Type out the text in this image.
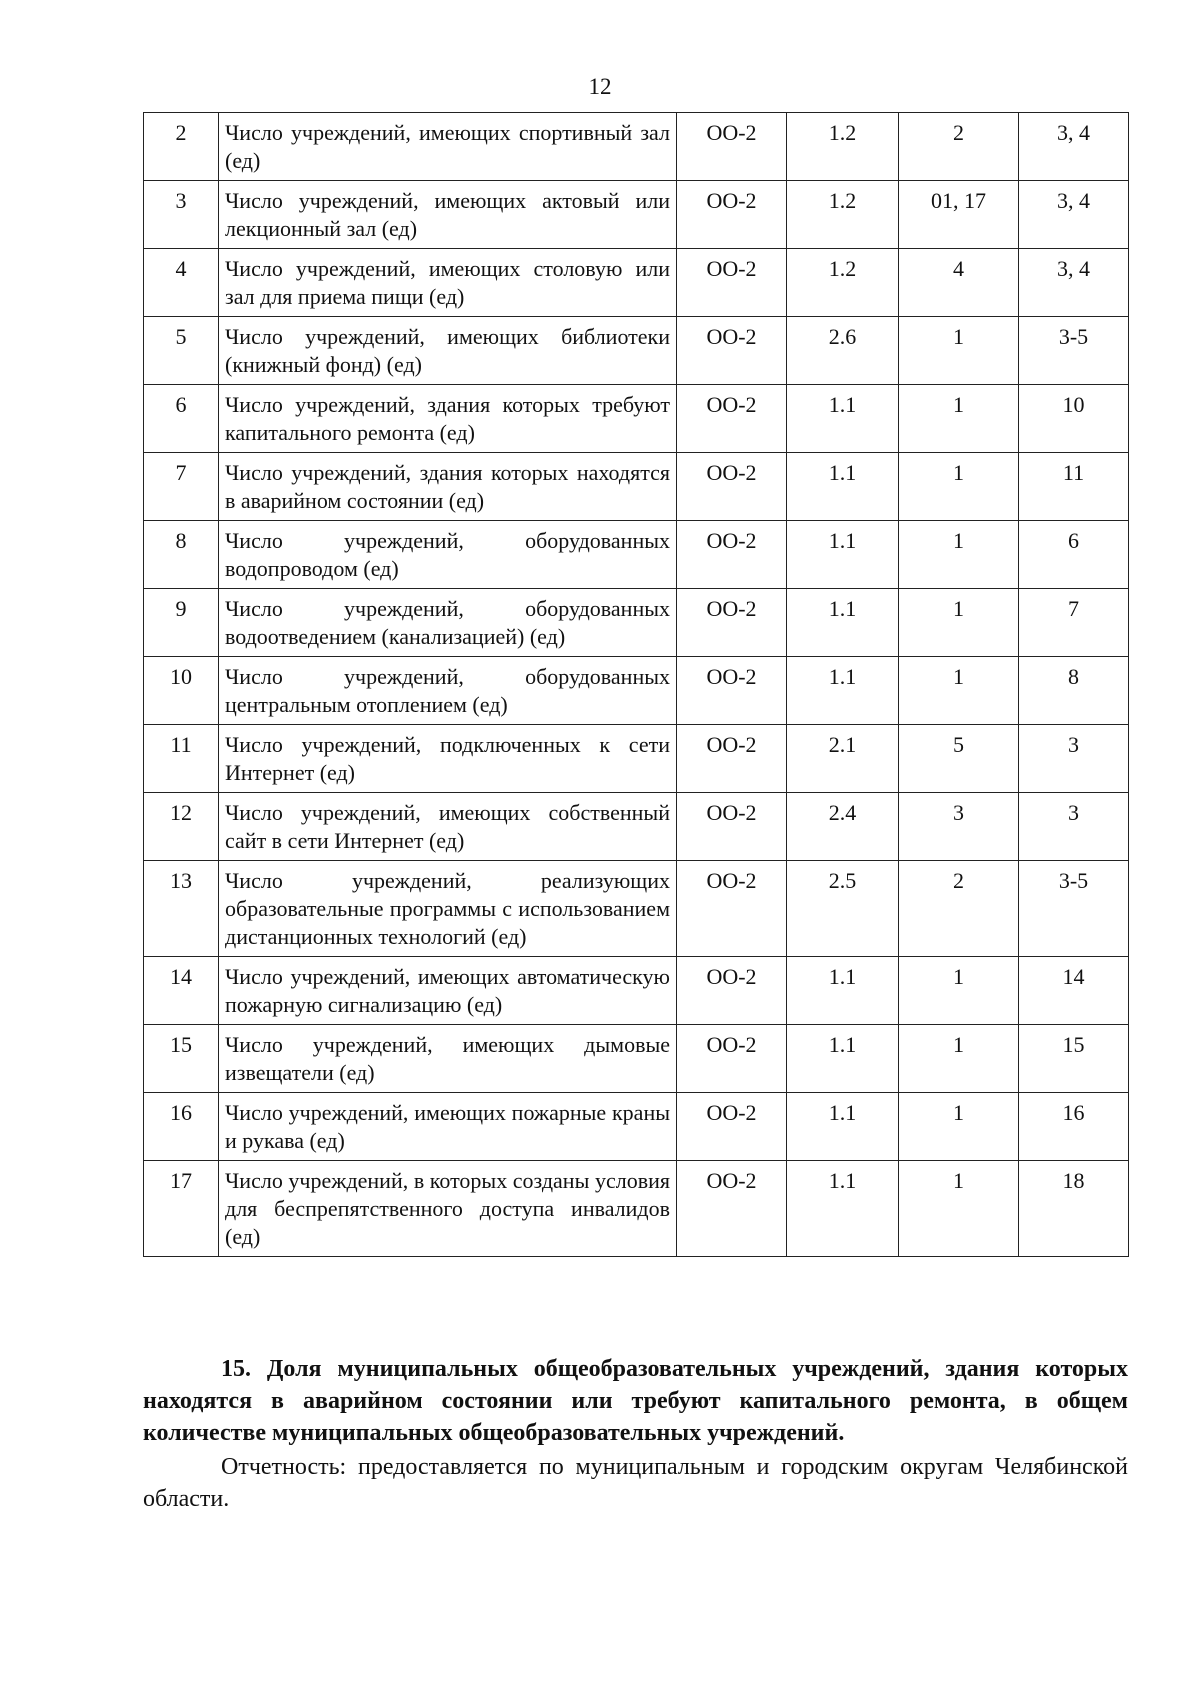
12
2	Число учреждений, имеющих спортивный зал (ед)	ОО-2	1.2	2	3, 4
3	Число учреждений, имеющих актовый или лекционный зал (ед)	ОО-2	1.2	01, 17	3, 4
4	Число учреждений, имеющих столовую или зал для приема пищи (ед)	ОО-2	1.2	4	3, 4
5	Число учреждений, имеющих библиотеки (книжный фонд) (ед)	ОО-2	2.6	1	3-5
6	Число учреждений, здания которых требуют капитального ремонта (ед)	ОО-2	1.1	1	10
7	Число учреждений, здания которых находятся в аварийном состоянии (ед)	ОО-2	1.1	1	11
8	Число учреждений, оборудованных водопроводом (ед)	ОО-2	1.1	1	6
9	Число учреждений, оборудованных водоотведением (канализацией) (ед)	ОО-2	1.1	1	7
10	Число учреждений, оборудованных центральным отоплением (ед)	ОО-2	1.1	1	8
11	Число учреждений, подключенных к сети Интернет (ед)	ОО-2	2.1	5	3
12	Число учреждений, имеющих собственный сайт в сети Интернет (ед)	ОО-2	2.4	3	3
13	Число учреждений, реализующих образовательные программы с использованием дистанционных технологий (ед)	ОО-2	2.5	2	3-5
14	Число учреждений, имеющих автоматическую пожарную сигнализацию (ед)	ОО-2	1.1	1	14
15	Число учреждений, имеющих дымовые извещатели (ед)	ОО-2	1.1	1	15
16	Число учреждений, имеющих пожарные краны и рукава (ед)	ОО-2	1.1	1	16
17	Число учреждений, в которых созданы условия для беспрепятственного доступа инвалидов (ед)	ОО-2	1.1	1	18

15. Доля муниципальных общеобразовательных учреждений, здания которых находятся в аварийном состоянии или требуют капитального ремонта, в общем количестве муниципальных общеобразовательных учреждений.

Отчетность: предоставляется по муниципальным и городским округам Челябинской области.
